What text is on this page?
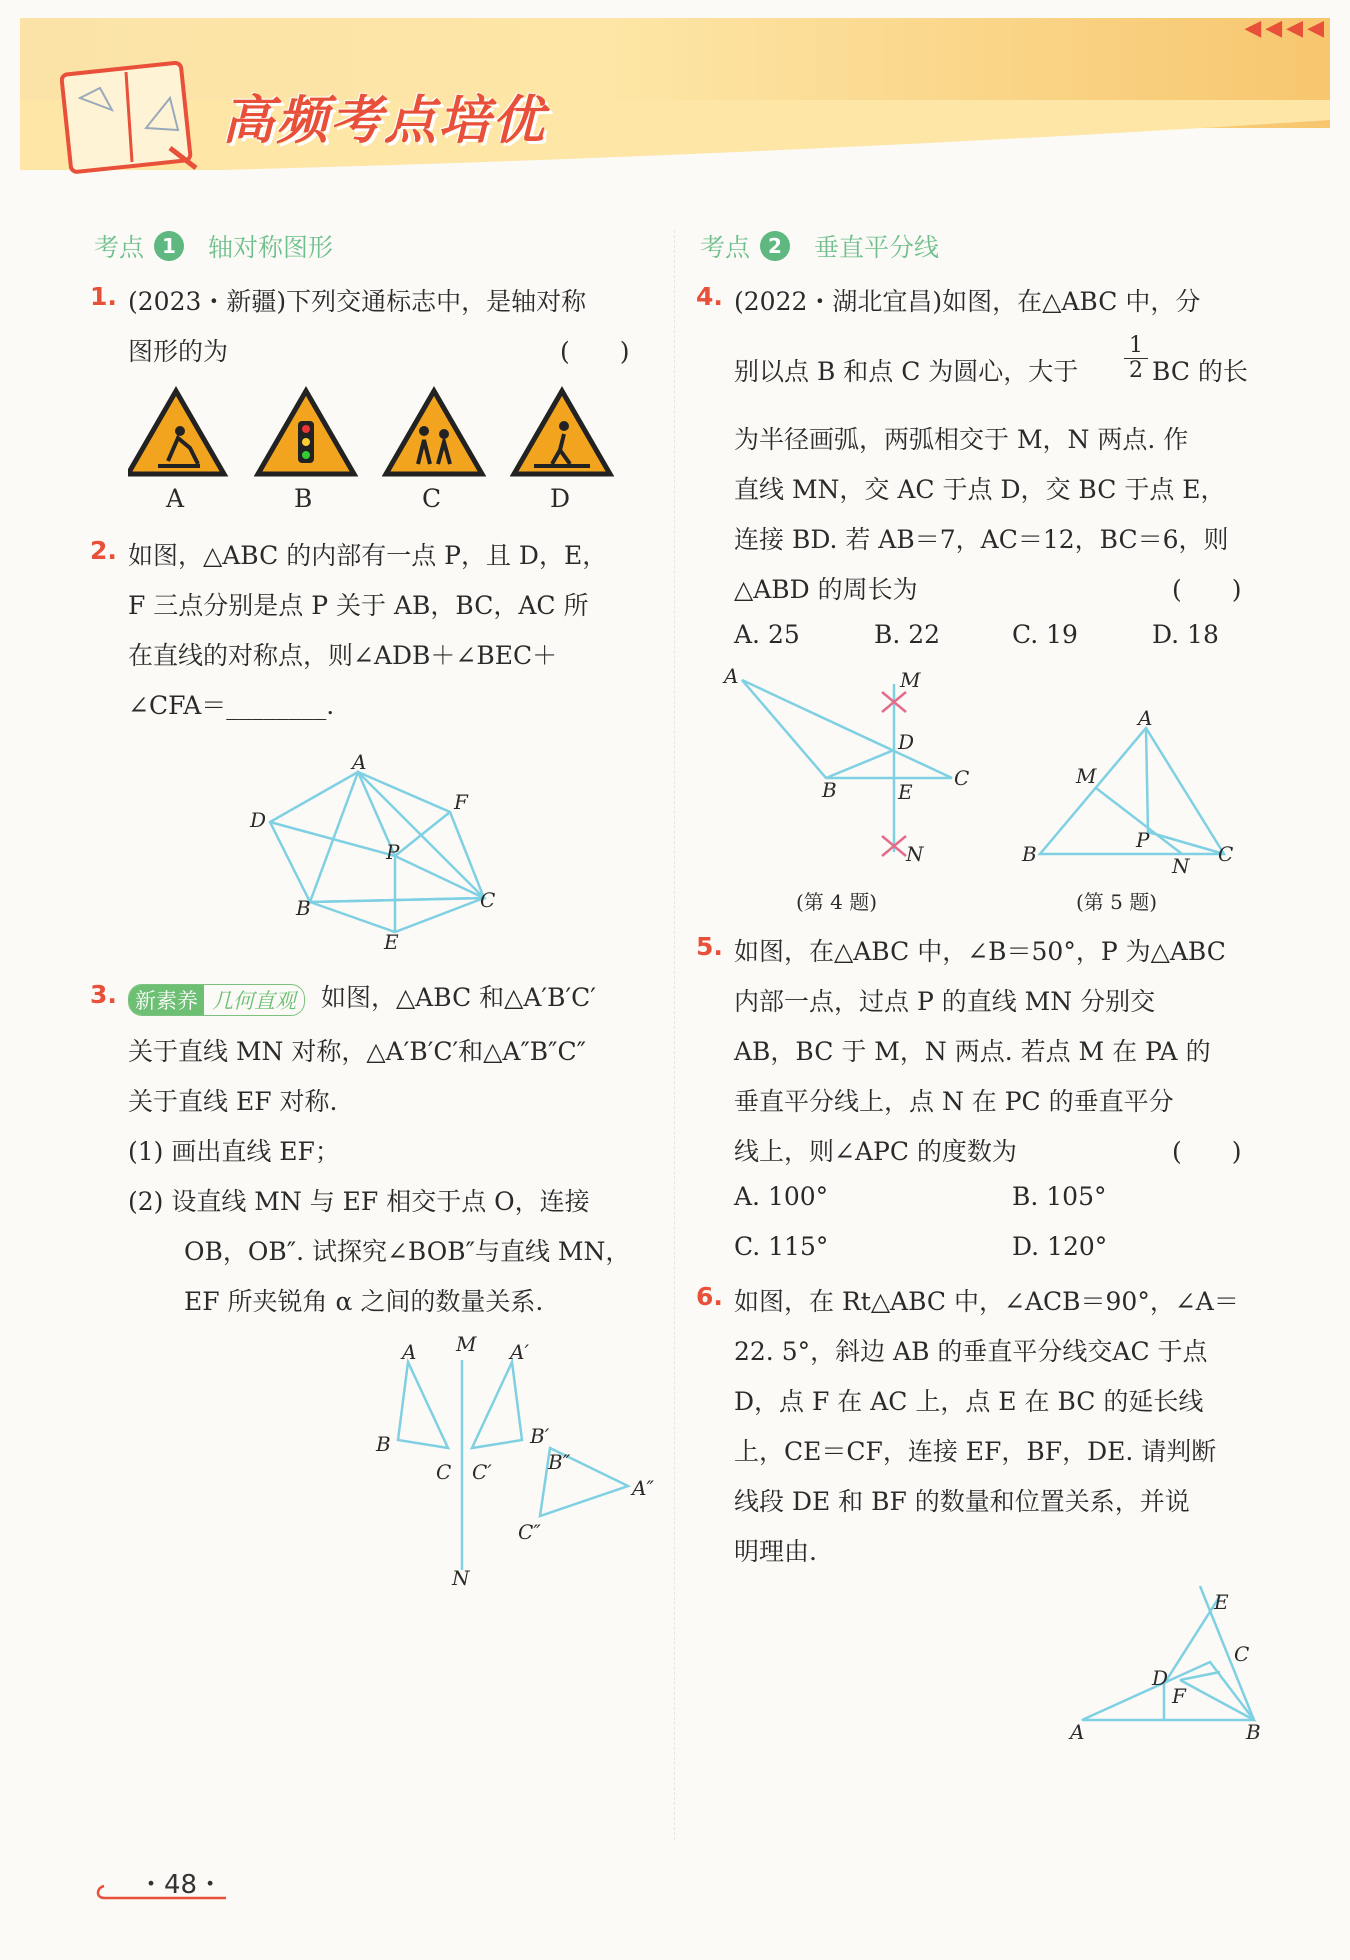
高频考点培优
◀◀◀◀
考点 1	轴对称图形
1. (2023・新疆)下列交通标志中，是轴对称
图形的为	(　　)
A	B	C	D
2. 如图，△ABC 的内部有一点 P，且 D，E，
F 三点分别是点 P 关于 AB，BC，AC 所
在直线的对称点，则∠ADB＋∠BEC＋
∠CFA＝________.
A
D
F
P
B	C
E
3. 新素养 几何直观 如图，△ABC 和△A′B′C′
关于直线 MN 对称，△A′B′C′和△A″B″C″
关于直线 EF 对称.
(1) 画出直线 EF；
(2) 设直线 MN 与 EF 相交于点 O，连接
OB，OB″. 试探究∠BOB″与直线 MN，
EF 所夹锐角 α 之间的数量关系.
A M A′
B	B′
B″
C C′
A″
C″
N
考点 2	垂直平分线
4. (2022・湖北宜昌)如图，在△ABC 中，分
别以点 B 和点 C 为圆心，大于 $\frac{1}{2}$ BC 的长
为半径画弧，两弧相交于 M，N 两点. 作
直线 MN，交 AC 于点 D，交 BC 于点 E，
连接 BD. 若 AB＝7，AC＝12，BC＝6，则
△ABD 的周长为	(　　)
A. 25	B. 22	C. 19	D. 18
A	M
D
B	E
C
N
(第 4 题)
A
M
P
B	N C
(第 5 题)
5. 如图，在△ABC 中，∠B＝50°，P 为△ABC
内部一点，过点 P 的直线 MN 分别交
AB，BC 于 M，N 两点. 若点 M 在 PA 的
垂直平分线上，点 N 在 PC 的垂直平分
线上，则∠APC 的度数为	(　　)
A. 100°	B. 105°
C. 115°	D. 120°
6. 如图，在 Rt△ABC 中，∠ACB＝90°，∠A＝
22. 5°，斜边 AB 的垂直平分线交AC 于点
D，点 F 在 AC 上，点 E 在 BC 的延长线
上，CE＝CF，连接 EF，BF，DE. 请判断
线段 DE 和 BF 的数量和位置关系，并说
明理由.
E
C
D
F
A	B
・48・
